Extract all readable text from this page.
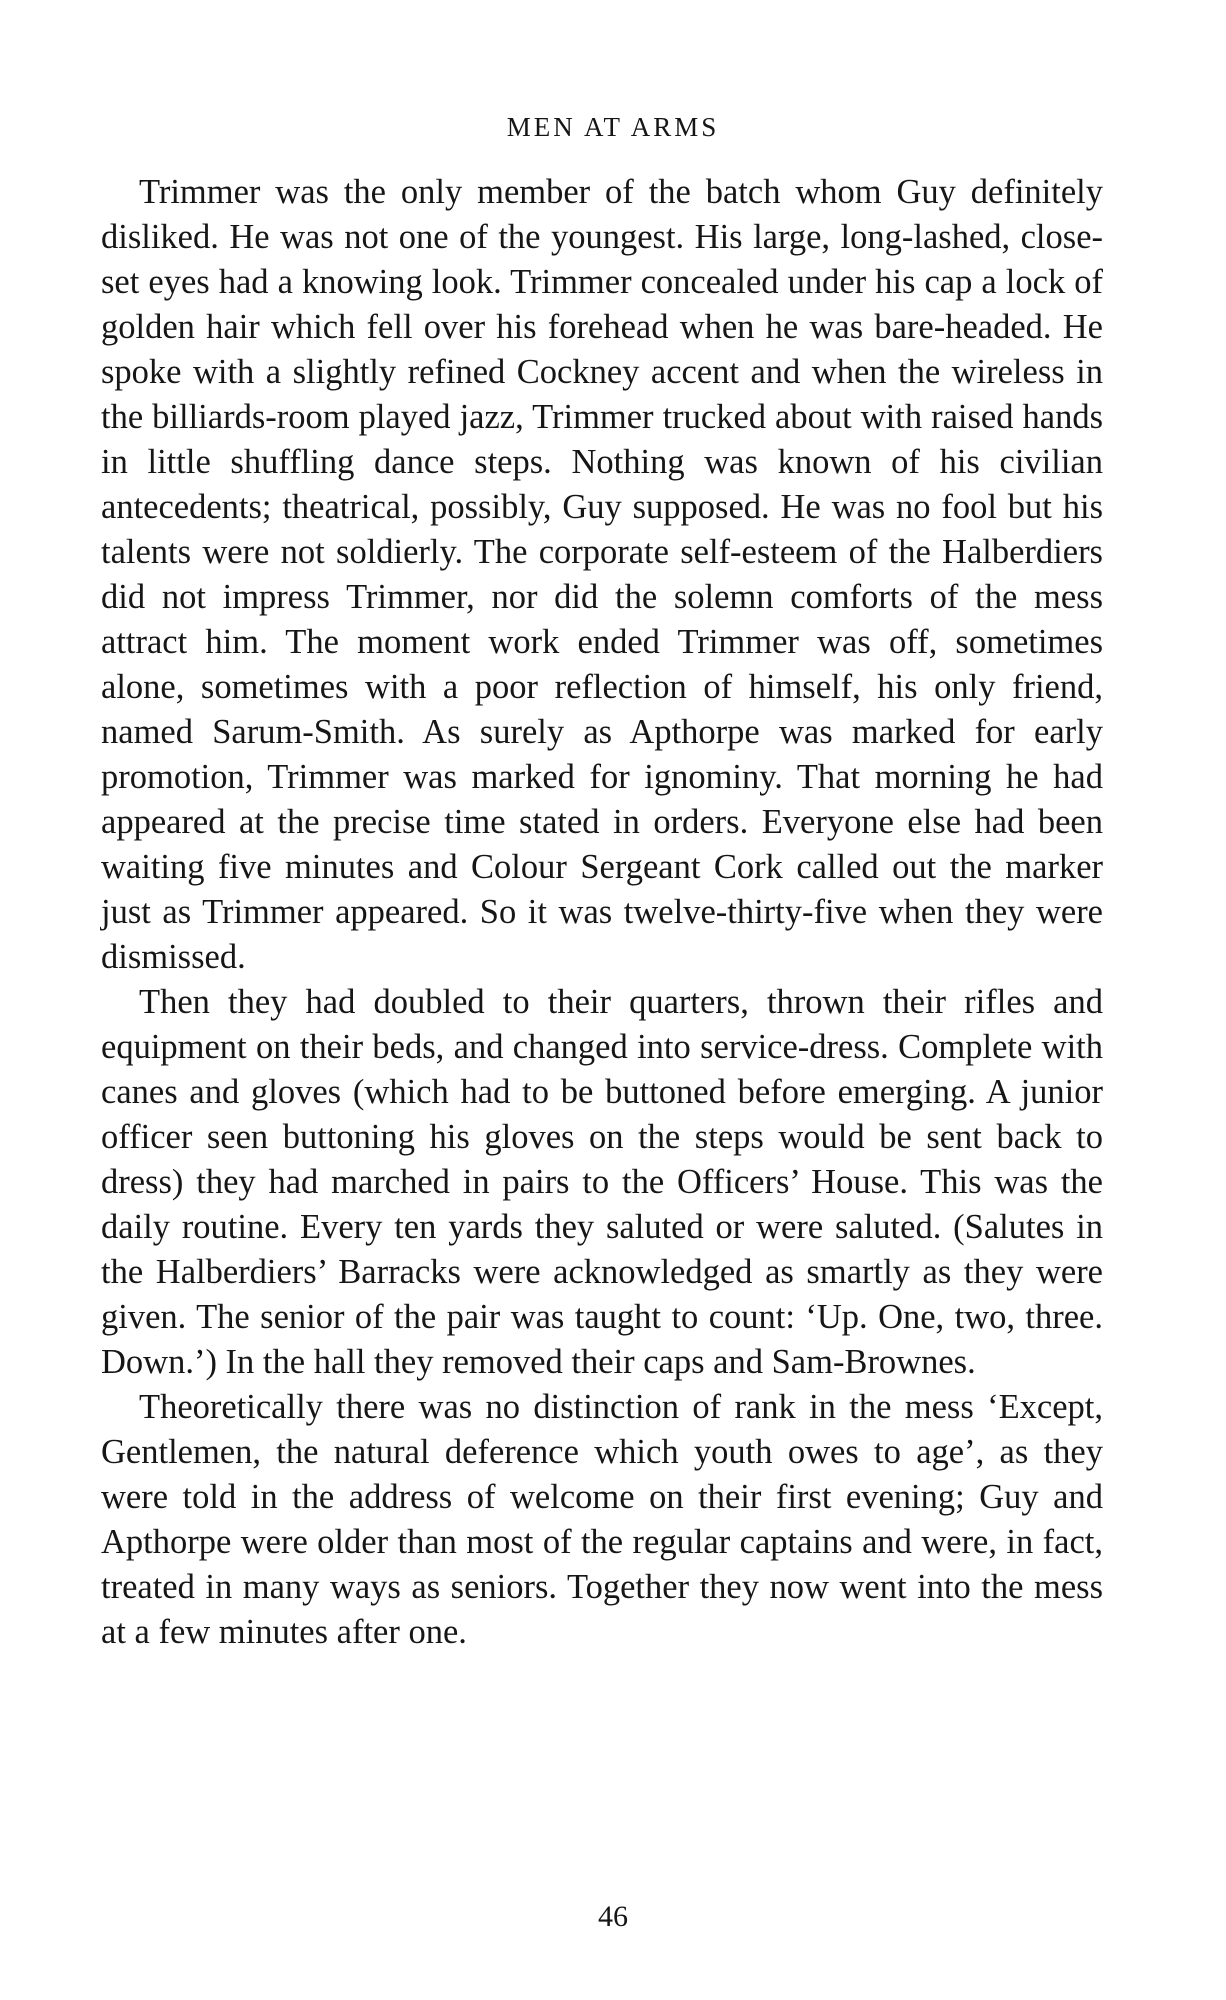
MEN AT ARMS

Trimmer was the only member of the batch whom Guy definitely disliked. He was not one of the youngest. His large, long-lashed, close-set eyes had a knowing look. Trimmer concealed under his cap a lock of golden hair which fell over his forehead when he was bare-headed. He spoke with a slightly refined Cockney accent and when the wireless in the billiards-room played jazz, Trimmer trucked about with raised hands in little shuffling dance steps. Nothing was known of his civilian antecedents; theatrical, possibly, Guy supposed. He was no fool but his talents were not soldierly. The corporate self-esteem of the Halberdiers did not impress Trimmer, nor did the solemn comforts of the mess attract him. The moment work ended Trimmer was off, sometimes alone, sometimes with a poor reflection of himself, his only friend, named Sarum-Smith. As surely as Apthorpe was marked for early promotion, Trimmer was marked for ignominy. That morning he had appeared at the precise time stated in orders. Everyone else had been waiting five minutes and Colour Sergeant Cork called out the marker just as Trimmer appeared. So it was twelve-thirty-five when they were dismissed.

Then they had doubled to their quarters, thrown their rifles and equipment on their beds, and changed into service-dress. Complete with canes and gloves (which had to be buttoned before emerging. A junior officer seen buttoning his gloves on the steps would be sent back to dress) they had marched in pairs to the Officers’ House. This was the daily routine. Every ten yards they saluted or were saluted. (Salutes in the Halberdiers’ Barracks were acknowledged as smartly as they were given. The senior of the pair was taught to count: ‘Up. One, two, three. Down.’) In the hall they removed their caps and Sam-Brownes.

Theoretically there was no distinction of rank in the mess ‘Except, Gentlemen, the natural deference which youth owes to age’, as they were told in the address of welcome on their first evening; Guy and Apthorpe were older than most of the regular captains and were, in fact, treated in many ways as seniors. Together they now went into the mess at a few minutes after one.

46
